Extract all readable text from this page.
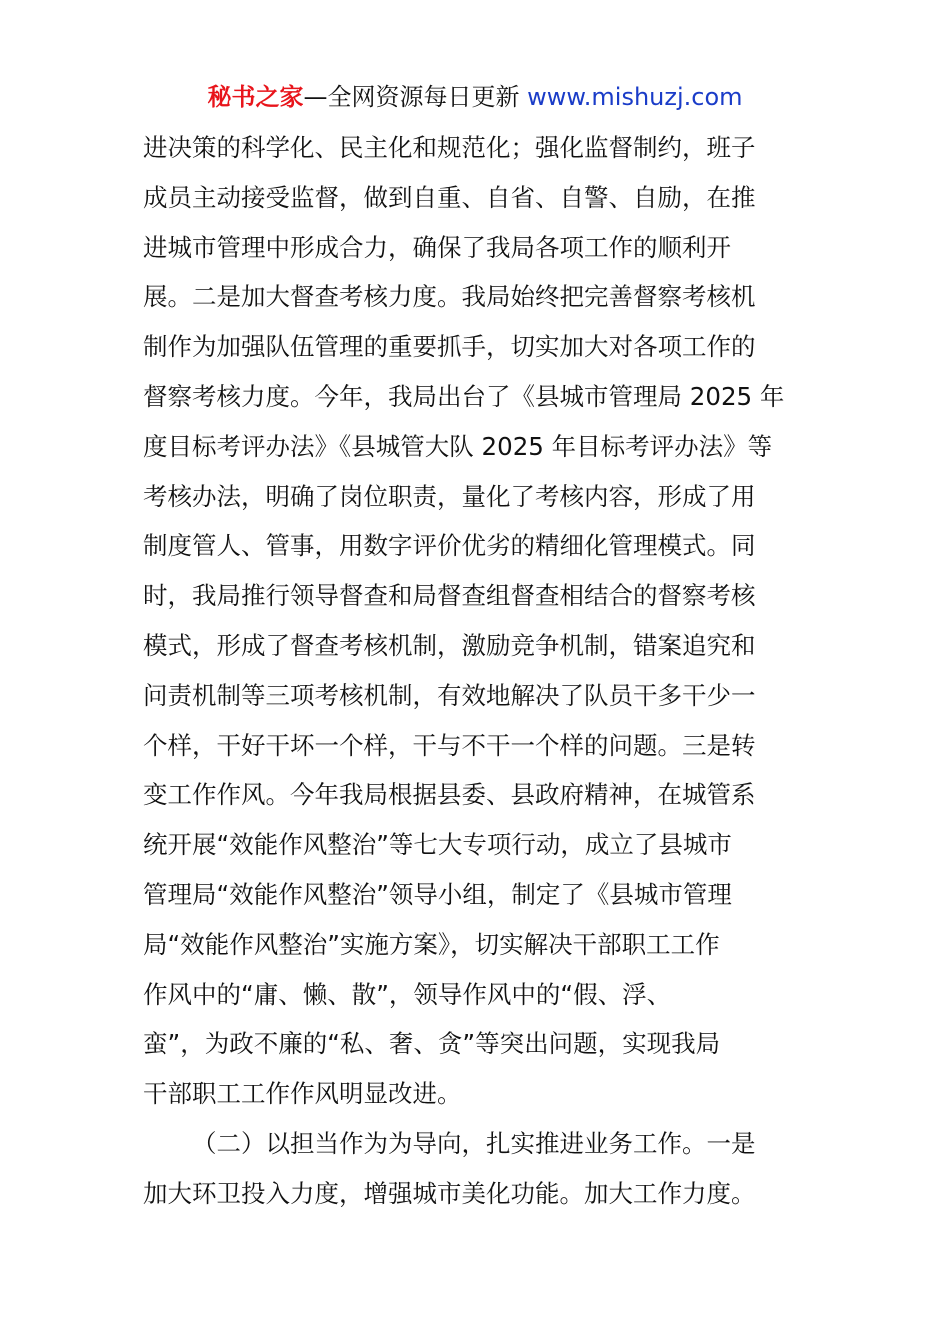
秘书之家—全网资源每日更新 www.mishuzj.com
进决策的科学化、民主化和规范化；强化监督制约，班子
成员主动接受监督，做到自重、自省、自警、自励，在推
进城市管理中形成合力，确保了我局各项工作的顺利开
展。二是加大督查考核力度。我局始终把完善督察考核机
制作为加强队伍管理的重要抓手，切实加大对各项工作的
督察考核力度。今年，我局出台了《县城市管理局 2025 年
度目标考评办法》《县城管大队 2025 年目标考评办法》等
考核办法，明确了岗位职责，量化了考核内容，形成了用
制度管人、管事，用数字评价优劣的精细化管理模式。同
时，我局推行领导督查和局督查组督查相结合的督察考核
模式，形成了督查考核机制，激励竞争机制，错案追究和
问责机制等三项考核机制，有效地解决了队员干多干少一
个样，干好干坏一个样，干与不干一个样的问题。三是转
变工作作风。今年我局根据县委、县政府精神，在城管系
统开展“效能作风整治”等七大专项行动，成立了县城市
管理局“效能作风整治”领导小组，制定了《县城市管理
局“效能作风整治”实施方案》，切实解决干部职工工作
作风中的“庸、懒、散”，领导作风中的“假、浮、
蛮”，为政不廉的“私、奢、贪”等突出问题，实现我局
干部职工工作作风明显改进。
（二）以担当作为为导向，扎实推进业务工作。一是
加大环卫投入力度，增强城市美化功能。加大工作力度。
